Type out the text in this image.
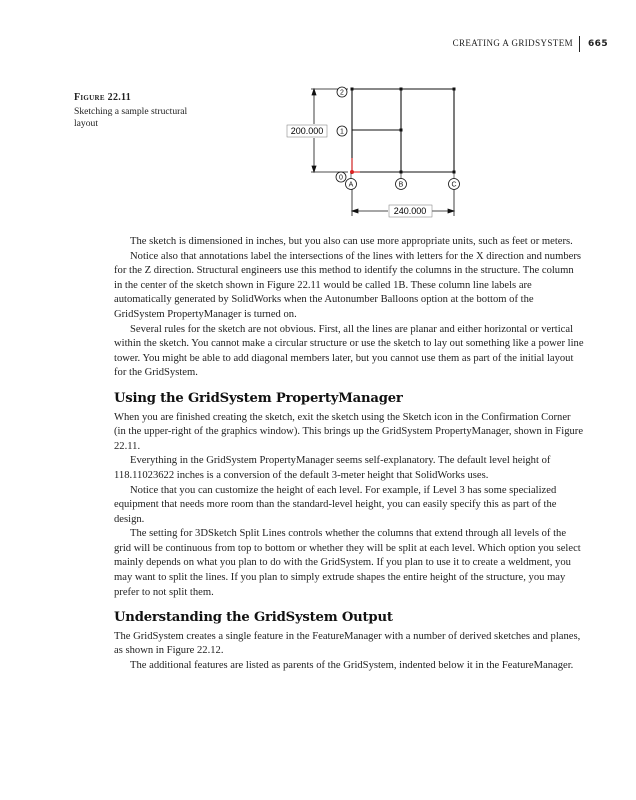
CREATING A GRIDSYSTEM 665
Figure 22.11
Sketching a sample structural layout
200.000
240.000
2
1
0
A	B	C

The sketch is dimensioned in inches, but you also can use more appropriate units, such as feet or meters.

Notice also that annotations label the intersections of the lines with letters for the X direction and numbers for the Z direction. Structural engineers use this method to identify the columns in the structure. The column in the center of the sketch shown in Figure 22.11 would be called 1B. These column line labels are automatically generated by SolidWorks when the Autonumber Balloons option at the bottom of the GridSystem PropertyManager is turned on.

Several rules for the sketch are not obvious. First, all the lines are planar and either horizontal or vertical within the sketch. You cannot make a circular structure or use the sketch to lay out something like a power line tower. You might be able to add diagonal members later, but you cannot use them as part of the initial layout for the GridSystem.

Using the GridSystem PropertyManager

When you are finished creating the sketch, exit the sketch using the Sketch icon in the Confirmation Corner (in the upper-right of the graphics window). This brings up the GridSystem PropertyManager, shown in Figure 22.11.

Everything in the GridSystem PropertyManager seems self-explanatory. The default level height of 118.11023622 inches is a conversion of the default 3-meter height that SolidWorks uses.

Notice that you can customize the height of each level. For example, if Level 3 has some specialized equipment that needs more room than the standard-level height, you can easily specify this as part of the design.

The setting for 3DSketch Split Lines controls whether the columns that extend through all levels of the grid will be continuous from top to bottom or whether they will be split at each level. Which option you select mainly depends on what you plan to do with the GridSystem. If you plan to use it to create a weldment, you may want to split the lines. If you plan to simply extrude shapes the entire height of the structure, you may prefer to not split them.

Understanding the GridSystem Output

The GridSystem creates a single feature in the FeatureManager with a number of derived sketches and planes, as shown in Figure 22.12.

The additional features are listed as parents of the GridSystem, indented below it in the FeatureManager.
